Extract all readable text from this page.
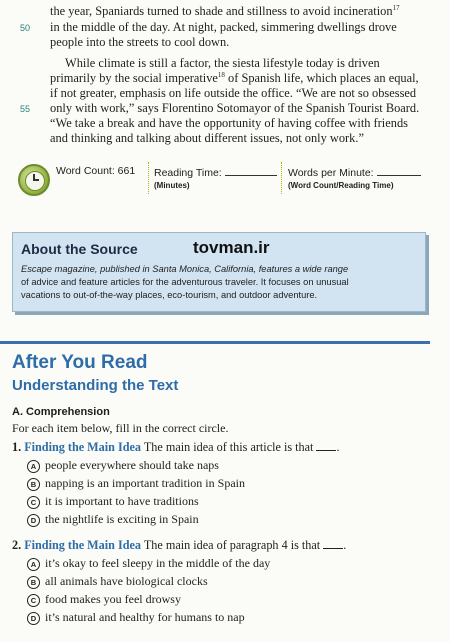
the year, Spaniards turned to shade and stillness to avoid incineration$^{17}$
50 in the middle of the day. At night, packed, simmering dwellings drove
people into the streets to cool down.
While climate is still a factor, the siesta lifestyle today is driven
primarily by the social imperative$^{18}$ of Spanish life, which places an equal,
if not greater, emphasis on life outside the office. “We are not so obsessed
55 only with work,” says Florentino Sotomayor of the Spanish Tourist Board.
“We take a break and have the opportunity of having coffee with friends
and thinking and talking about different issues, not only work.”
Word Count: 661 Reading Time:
(Minutes)
Words per Minute:
(Word Count/Reading Time)
About the Source	tovman.ir
Escape magazine, published in Santa Monica, California, features a wide range
of advice and feature articles for the adventurous traveler. It focuses on unusual
vacations to out-of-the-way places, eco-tourism, and outdoor adventure.
After You Read
Understanding the Text
A. Comprehension
For each item below, fill in the correct circle.
1. Finding the Main Idea The main idea of this article is that .
A people everywhere should take naps
B napping is an important tradition in Spain
C it is important to have traditions
D the nightlife is exciting in Spain
2. Finding the Main Idea The main idea of paragraph 4 is that .
A it’s okay to feel sleepy in the middle of the day
B all animals have biological clocks
C food makes you feel drowsy
D it’s natural and healthy for humans to nap
